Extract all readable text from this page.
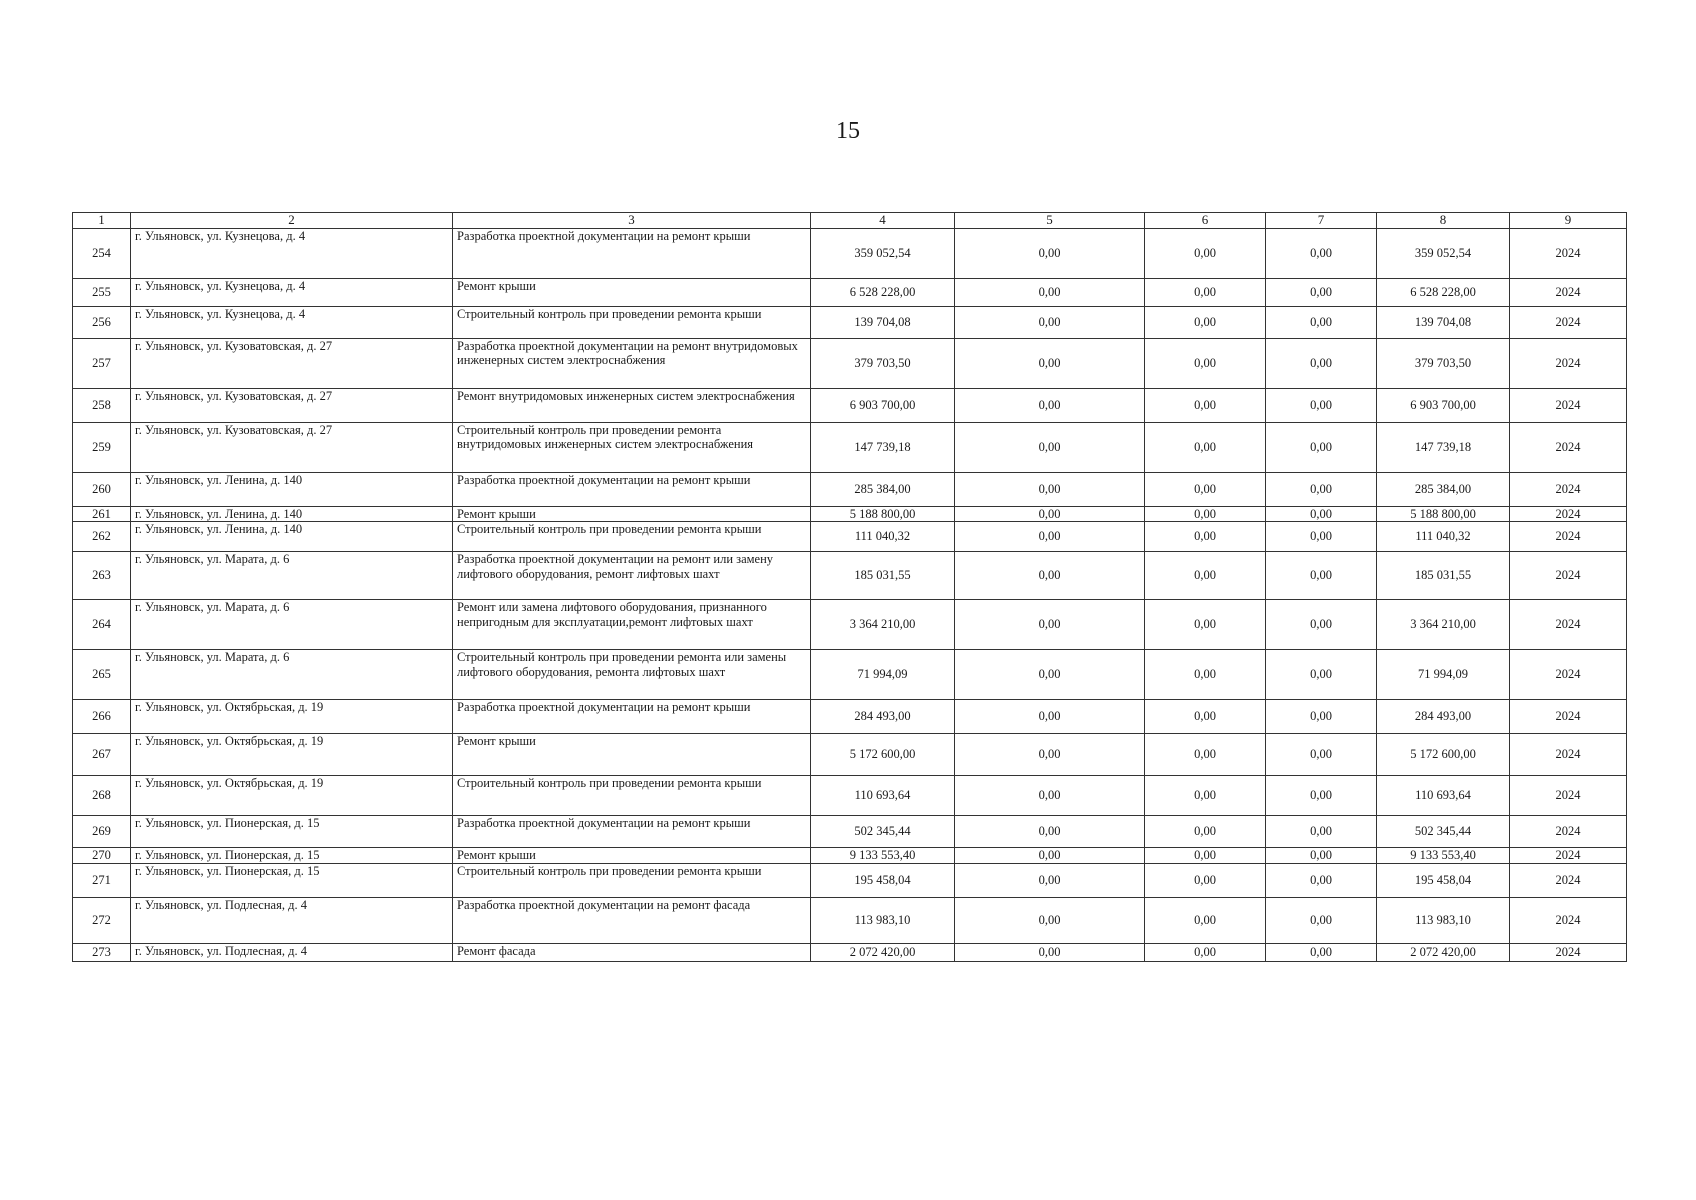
15
1	2	3	4	5	6	7	8	9
254	г. Ульяновск, ул. Кузнецова, д. 4	Разработка проектной документации на ремонт крыши	359 052,54	0,00	0,00	0,00	359 052,54	2024
255	г. Ульяновск, ул. Кузнецова, д. 4	Ремонт крыши	6 528 228,00	0,00	0,00	0,00	6 528 228,00	2024
256	г. Ульяновск, ул. Кузнецова, д. 4	Строительный контроль при проведении ремонта крыши	139 704,08	0,00	0,00	0,00	139 704,08	2024
257	г. Ульяновск, ул. Кузоватовская, д. 27	Разработка проектной документации на ремонт внутридомовых инженерных систем электроснабжения	379 703,50	0,00	0,00	0,00	379 703,50	2024
258	г. Ульяновск, ул. Кузоватовская, д. 27	Ремонт внутридомовых инженерных систем электроснабжения	6 903 700,00	0,00	0,00	0,00	6 903 700,00	2024
259	г. Ульяновск, ул. Кузоватовская, д. 27	Строительный контроль при проведении ремонта внутридомовых инженерных систем электроснабжения	147 739,18	0,00	0,00	0,00	147 739,18	2024
260	г. Ульяновск, ул. Ленина, д. 140	Разработка проектной документации на ремонт крыши	285 384,00	0,00	0,00	0,00	285 384,00	2024
261	г. Ульяновск, ул. Ленина, д. 140	Ремонт крыши	5 188 800,00	0,00	0,00	0,00	5 188 800,00	2024
262	г. Ульяновск, ул. Ленина, д. 140	Строительный контроль при проведении ремонта крыши	111 040,32	0,00	0,00	0,00	111 040,32	2024
263	г. Ульяновск, ул. Марата, д. 6	Разработка проектной документации на ремонт или замену лифтового оборудования, ремонт лифтовых шахт	185 031,55	0,00	0,00	0,00	185 031,55	2024
264	г. Ульяновск, ул. Марата, д. 6	Ремонт или замена лифтового оборудования, признанного непригодным для эксплуатации,ремонт лифтовых шахт	3 364 210,00	0,00	0,00	0,00	3 364 210,00	2024
265	г. Ульяновск, ул. Марата, д. 6	Строительный контроль при проведении ремонта или замены лифтового оборудования, ремонта лифтовых шахт	71 994,09	0,00	0,00	0,00	71 994,09	2024
266	г. Ульяновск, ул. Октябрьская, д. 19	Разработка проектной документации на ремонт крыши	284 493,00	0,00	0,00	0,00	284 493,00	2024
267	г. Ульяновск, ул. Октябрьская, д. 19	Ремонт крыши	5 172 600,00	0,00	0,00	0,00	5 172 600,00	2024
268	г. Ульяновск, ул. Октябрьская, д. 19	Строительный контроль при проведении ремонта крыши	110 693,64	0,00	0,00	0,00	110 693,64	2024
269	г. Ульяновск, ул. Пионерская, д. 15	Разработка проектной документации на ремонт крыши	502 345,44	0,00	0,00	0,00	502 345,44	2024
270	г. Ульяновск, ул. Пионерская, д. 15	Ремонт крыши	9 133 553,40	0,00	0,00	0,00	9 133 553,40	2024
271	г. Ульяновск, ул. Пионерская, д. 15	Строительный контроль при проведении ремонта крыши	195 458,04	0,00	0,00	0,00	195 458,04	2024
272	г. Ульяновск, ул. Подлесная, д. 4	Разработка проектной документации на ремонт фасада	113 983,10	0,00	0,00	0,00	113 983,10	2024
273	г. Ульяновск, ул. Подлесная, д. 4	Ремонт фасада	2 072 420,00	0,00	0,00	0,00	2 072 420,00	2024
